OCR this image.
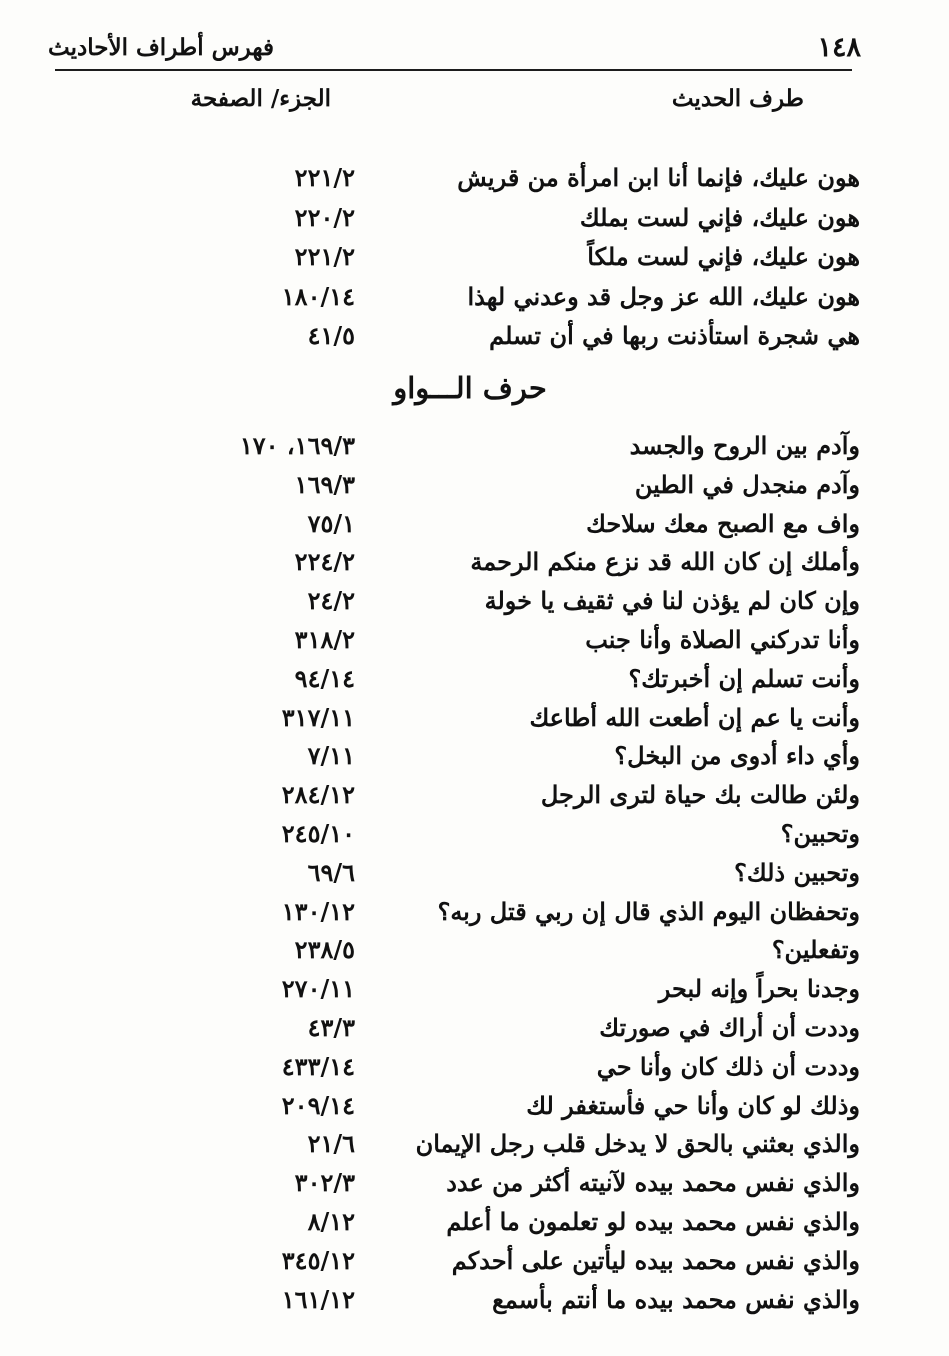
١٤٨
فهرس أطراف الأحاديث
طرف الحديث
الجزء/ الصفحة
هون عليك، فإنما أنا ابن امرأة من قريش
٢٢١/٢
هون عليك، فإني لست بملك
٢٢٠/٢
هون عليك، فإني لست ملكاً
٢٢١/٢
هون عليك، الله عز وجل قد وعدني لهذا
١٨٠/١٤
هي شجرة استأذنت ربها في أن تسلم
٤١/٥
حرف الـــواو
وآدم بين الروح والجسد
١٦٩/٣، ١٧٠
وآدم منجدل في الطين
١٦٩/٣
واف مع الصبح معك سلاحك
٧٥/١
وأملك إن كان الله قد نزع منكم الرحمة
٢٢٤/٢
وإن كان لم يؤذن لنا في ثقيف يا خولة
٢٤/٢
وأنا تدركني الصلاة وأنا جنب
٣١٨/٢
وأنت تسلم إن أخبرتك؟
٩٤/١٤
وأنت يا عم إن أطعت الله أطاعك
٣١٧/١١
وأي داء أدوى من البخل؟
٧/١١
ولئن طالت بك حياة لترى الرجل
٢٨٤/١٢
وتحبين؟
٢٤٥/١٠
وتحبين ذلك؟
٦٩/٦
وتحفظان اليوم الذي قال إن ربي قتل ربه؟
١٣٠/١٢
وتفعلين؟
٢٣٨/٥
وجدنا بحراً وإنه لبحر
٢٧٠/١١
وددت أن أراك في صورتك
٤٣/٣
وددت أن ذلك كان وأنا حي
٤٣٣/١٤
وذلك لو كان وأنا حي فأستغفر لك
٢٠٩/١٤
والذي بعثني بالحق لا يدخل قلب رجل الإيمان
٢١/٦
والذي نفس محمد بيده لآنيته أكثر من عدد
٣٠٢/٣
والذي نفس محمد بيده لو تعلمون ما أعلم
٨/١٢
والذي نفس محمد بيده ليأتين على أحدكم
٣٤٥/١٢
والذي نفس محمد بيده ما أنتم بأسمع
١٦١/١٢
